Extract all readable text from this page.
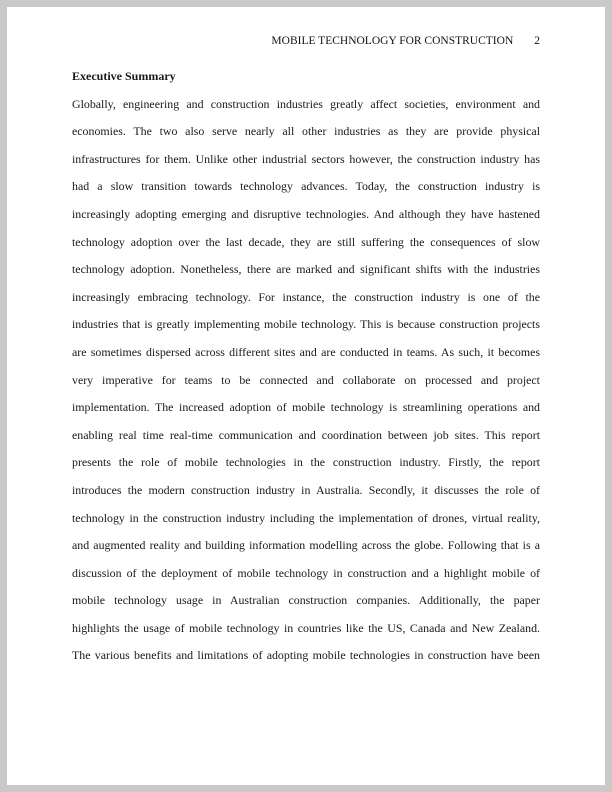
MOBILE TECHNOLOGY FOR CONSTRUCTION 2
Executive Summary
Globally, engineering and construction industries greatly affect societies, environment and
economies. The two also serve nearly all other industries as they are provide physical
infrastructures for them. Unlike other industrial sectors however, the construction industry has
had a slow transition towards technology advances. Today, the construction industry is
increasingly adopting emerging and disruptive technologies. And although they have hastened
technology adoption over the last decade, they are still suffering the consequences of slow
technology adoption. Nonetheless, there are marked and significant shifts with the industries
increasingly embracing technology. For instance, the construction industry is one of the
industries that is greatly implementing mobile technology. This is because construction projects
are sometimes dispersed across different sites and are conducted in teams. As such, it becomes
very imperative for teams to be connected and collaborate on processed and project
implementation. The increased adoption of mobile technology is streamlining operations and
enabling real time real-time communication and coordination between job sites. This report
presents the role of mobile technologies in the construction industry. Firstly, the report
introduces the modern construction industry in Australia. Secondly, it discusses the role of
technology in the construction industry including the implementation of drones, virtual reality,
and augmented reality and building information modelling across the globe. Following that is a
discussion of the deployment of mobile technology in construction and a highlight mobile of
mobile technology usage in Australian construction companies. Additionally, the paper
highlights the usage of mobile technology in countries like the US, Canada and New Zealand.
The various benefits and limitations of adopting mobile technologies in construction have been
